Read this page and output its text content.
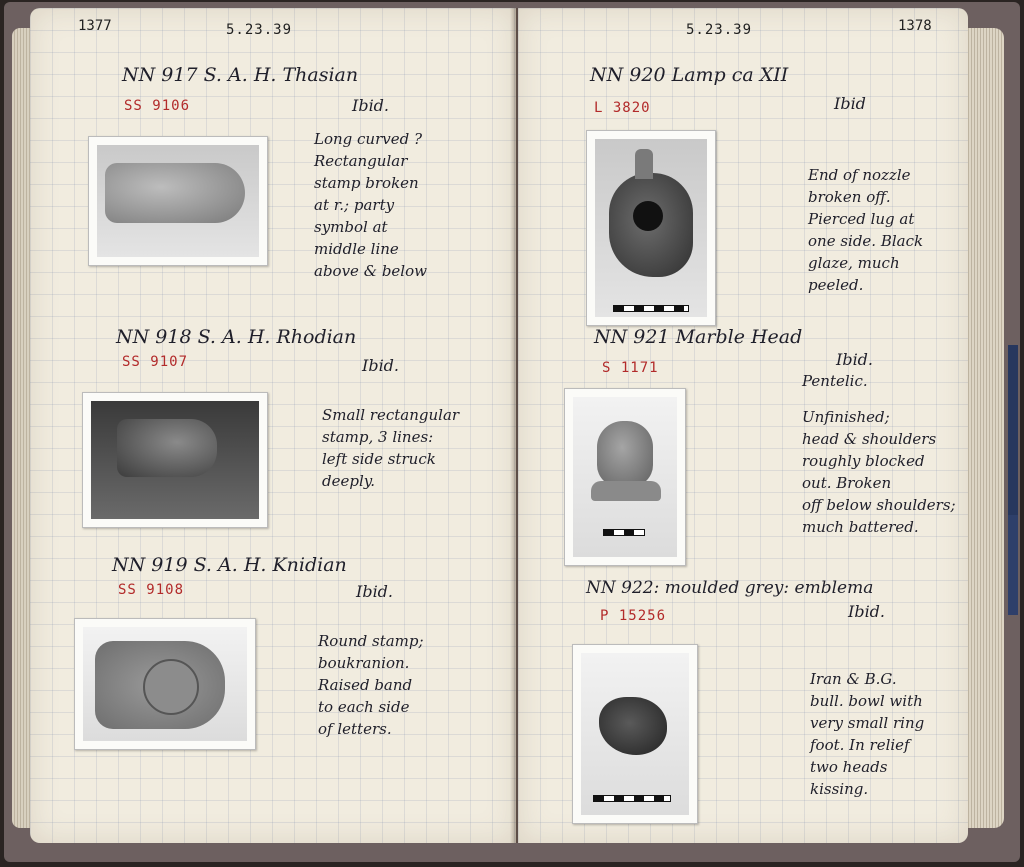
1377	5.23.39
NN 917 S. A. H. Thasian
SS 9106	Ibid.
Long curved ?
Rectangular
stamp broken
at r.; party
symbol at
middle line
above & below
NN 918 S. A. H. Rhodian
SS 9107	Ibid.
Small rectangular
stamp, 3 lines:
left side struck
deeply.
NN 919 S. A. H. Knidian
SS 9108	Ibid.
Round stamp;
boukranion.
Raised band
to each side
of letters.
5.23.39	1378
NN 920 Lamp ca XII
L 3820	Ibid
End of nozzle
broken off.
Pierced lug at
one side. Black
glaze, much
peeled.
NN 921 Marble Head
S 1171	Ibid.
Pentelic.
Unfinished;
head & shoulders
roughly blocked
out. Broken
off below shoulders;
much battered.
NN 922: moulded grey: emblema
P 15256	Ibid.
Iran & B.G.
bull. bowl with
very small ring
foot. In relief
two heads
kissing.
